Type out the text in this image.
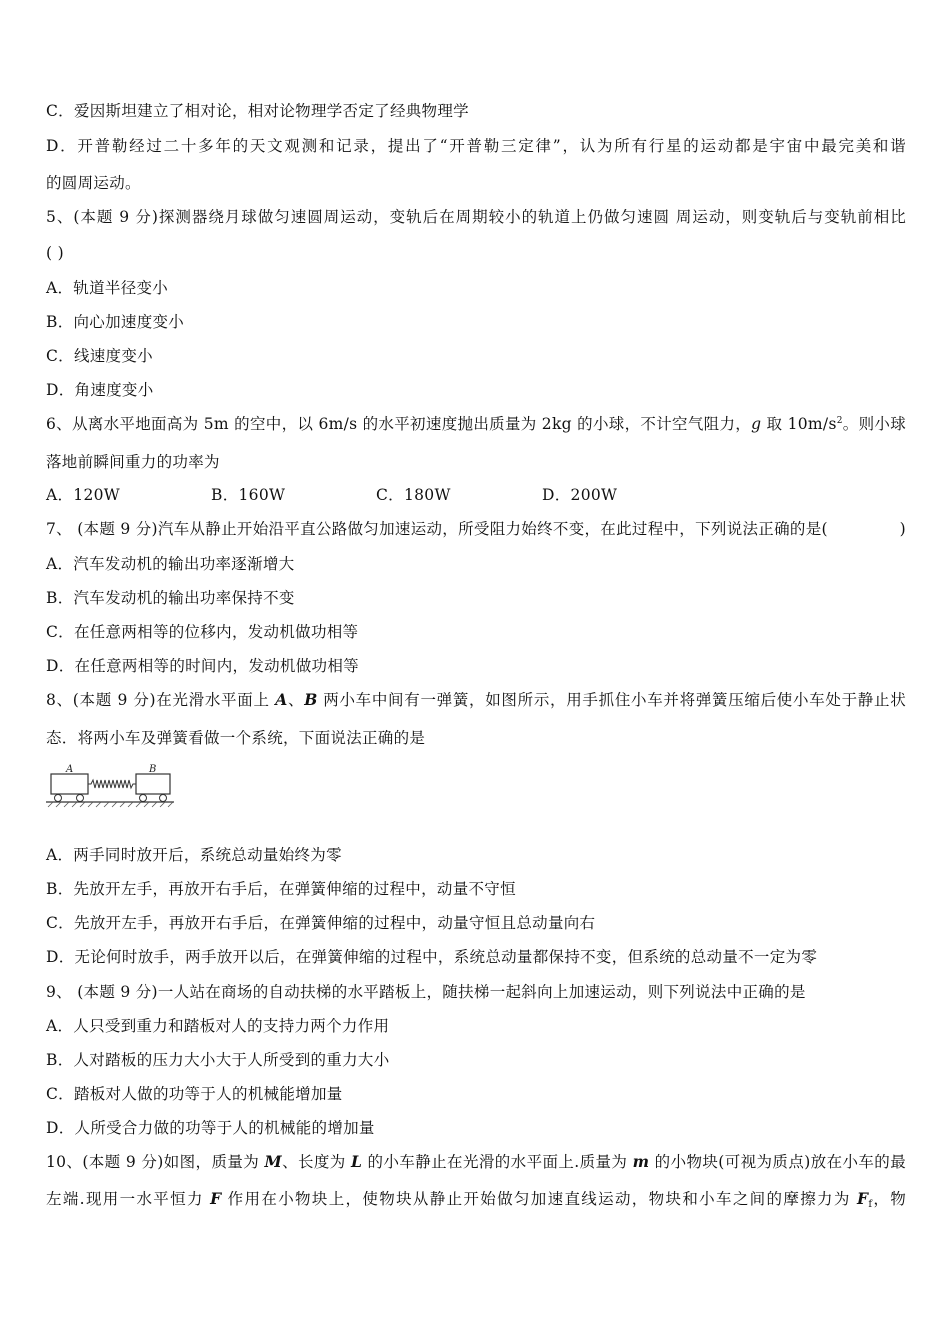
C．爱因斯坦建立了相对论，相对论物理学否定了经典物理学
D．开普勒经过二十多年的天文观测和记录，提出了“开普勒三定律”，认为所有行星的运动都是宇宙中最完美和谐
的圆周运动。
5、(本题 9 分)探测器绕月球做匀速圆周运动，变轨后在周期较小的轨道上仍做匀速圆 周运动，则变轨后与变轨前相比
( )
A．轨道半径变小
B．向心加速度变小
C．线速度变小
D．角速度变小
6、从离水平地面高为 5m 的空中，以 6m/s 的水平初速度抛出质量为 2kg 的小球，不计空气阻力，g 取 $10m/s^2$。则小球
落地前瞬间重力的功率为
A．120W	B．160W	C．180W	D．200W
7、 (本题 9 分)汽车从静止开始沿平直公路做匀加速运动，所受阻力始终不变，在此过程中，下列说法正确的是(	)
A．汽车发动机的输出功率逐渐增大
B．汽车发动机的输出功率保持不变
C．在任意两相等的位移内，发动机做功相等
D．在任意两相等的时间内，发动机做功相等
8、(本题 9 分)在光滑水平面上 A、B 两小车中间有一弹簧，如图所示，用手抓住小车并将弹簧压缩后使小车处于静止状
态．将两小车及弹簧看做一个系统，下面说法正确的是
A	B
A．两手同时放开后，系统总动量始终为零
B．先放开左手，再放开右手后，在弹簧伸缩的过程中，动量不守恒
C．先放开左手，再放开右手后，在弹簧伸缩的过程中，动量守恒且总动量向右
D．无论何时放手，两手放开以后，在弹簧伸缩的过程中，系统总动量都保持不变，但系统的总动量不一定为零
9、 (本题 9 分)一人站在商场的自动扶梯的水平踏板上，随扶梯一起斜向上加速运动，则下列说法中正确的是
A．人只受到重力和踏板对人的支持力两个力作用
B．人对踏板的压力大小大于人所受到的重力大小
C．踏板对人做的功等于人的机械能增加量
D．人所受合力做的功等于人的机械能的增加量
10、(本题 9 分)如图，质量为 M、长度为 L 的小车静止在光滑的水平面上.质量为 m 的小物块(可视为质点)放在小车的最
左端.现用一水平恒力 F 作用在小物块上，使物块从静止开始做匀加速直线运动，物块和小车之间的摩擦力为 $F_f$，物
